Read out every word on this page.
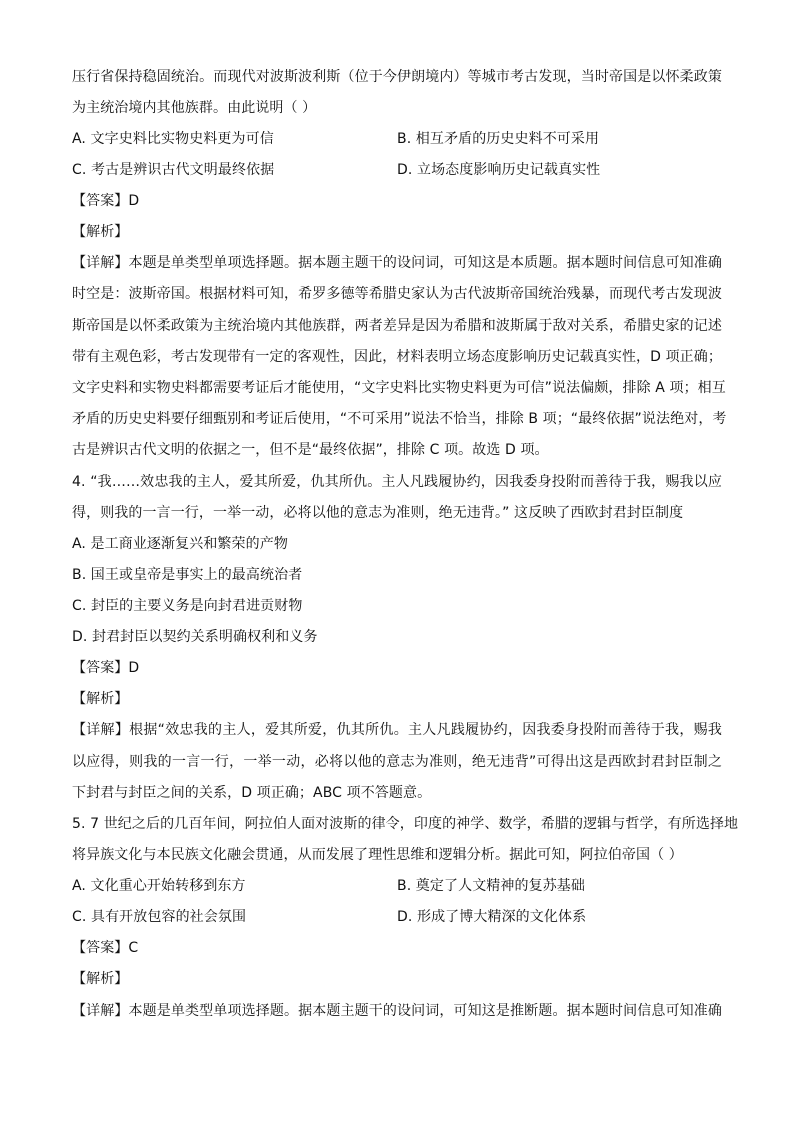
压行省保持稳固统治。而现代对波斯波利斯（位于今伊朗境内）等城市考古发现，当时帝国是以怀柔政策
为主统治境内其他族群。由此说明（ ）
A. 文字史料比实物史料更为可信	B. 相互矛盾的历史史料不可采用
C. 考古是辨识古代文明最终依据	D. 立场态度影响历史记载真实性
【答案】D
【解析】
【详解】本题是单类型单项选择题。据本题主题干的设问词，可知这是本质题。据本题时间信息可知准确
时空是：波斯帝国。根据材料可知，希罗多德等希腊史家认为古代波斯帝国统治残暴，而现代考古发现波
斯帝国是以怀柔政策为主统治境内其他族群，两者差异是因为希腊和波斯属于敌对关系，希腊史家的记述
带有主观色彩，考古发现带有一定的客观性，因此，材料表明立场态度影响历史记载真实性，D 项正确；
文字史料和实物史料都需要考证后才能使用，“文字史料比实物史料更为可信”说法偏颇，排除 A 项；相互
矛盾的历史史料要仔细甄别和考证后使用，“不可采用”说法不恰当，排除 B 项；“最终依据”说法绝对，考
古是辨识古代文明的依据之一，但不是“最终依据”，排除 C 项。故选 D 项。
4. “我……效忠我的主人，爱其所爱，仇其所仇。主人凡践履协约，因我委身投附而善待于我，赐我以应
得，则我的一言一行，一举一动，必将以他的意志为准则，绝无违背。” 这反映了西欧封君封臣制度
A. 是工商业逐渐复兴和繁荣的产物
B. 国王或皇帝是事实上的最高统治者
C. 封臣的主要义务是向封君进贡财物
D. 封君封臣以契约关系明确权利和义务
【答案】D
【解析】
【详解】根据“效忠我的主人，爱其所爱，仇其所仇。主人凡践履协约，因我委身投附而善待于我，赐我
以应得，则我的一言一行，一举一动，必将以他的意志为准则，绝无违背”可得出这是西欧封君封臣制之
下封君与封臣之间的关系，D 项正确；ABC 项不答题意。
5. 7 世纪之后的几百年间，阿拉伯人面对波斯的律令，印度的神学、数学，希腊的逻辑与哲学，有所选择地
将异族文化与本民族文化融会贯通，从而发展了理性思维和逻辑分析。据此可知，阿拉伯帝国（ ）
A. 文化重心开始转移到东方	B. 奠定了人文精神的复苏基础
C. 具有开放包容的社会氛围	D. 形成了博大精深的文化体系
【答案】C
【解析】
【详解】本题是单类型单项选择题。据本题主题干的设问词，可知这是推断题。据本题时间信息可知准确
